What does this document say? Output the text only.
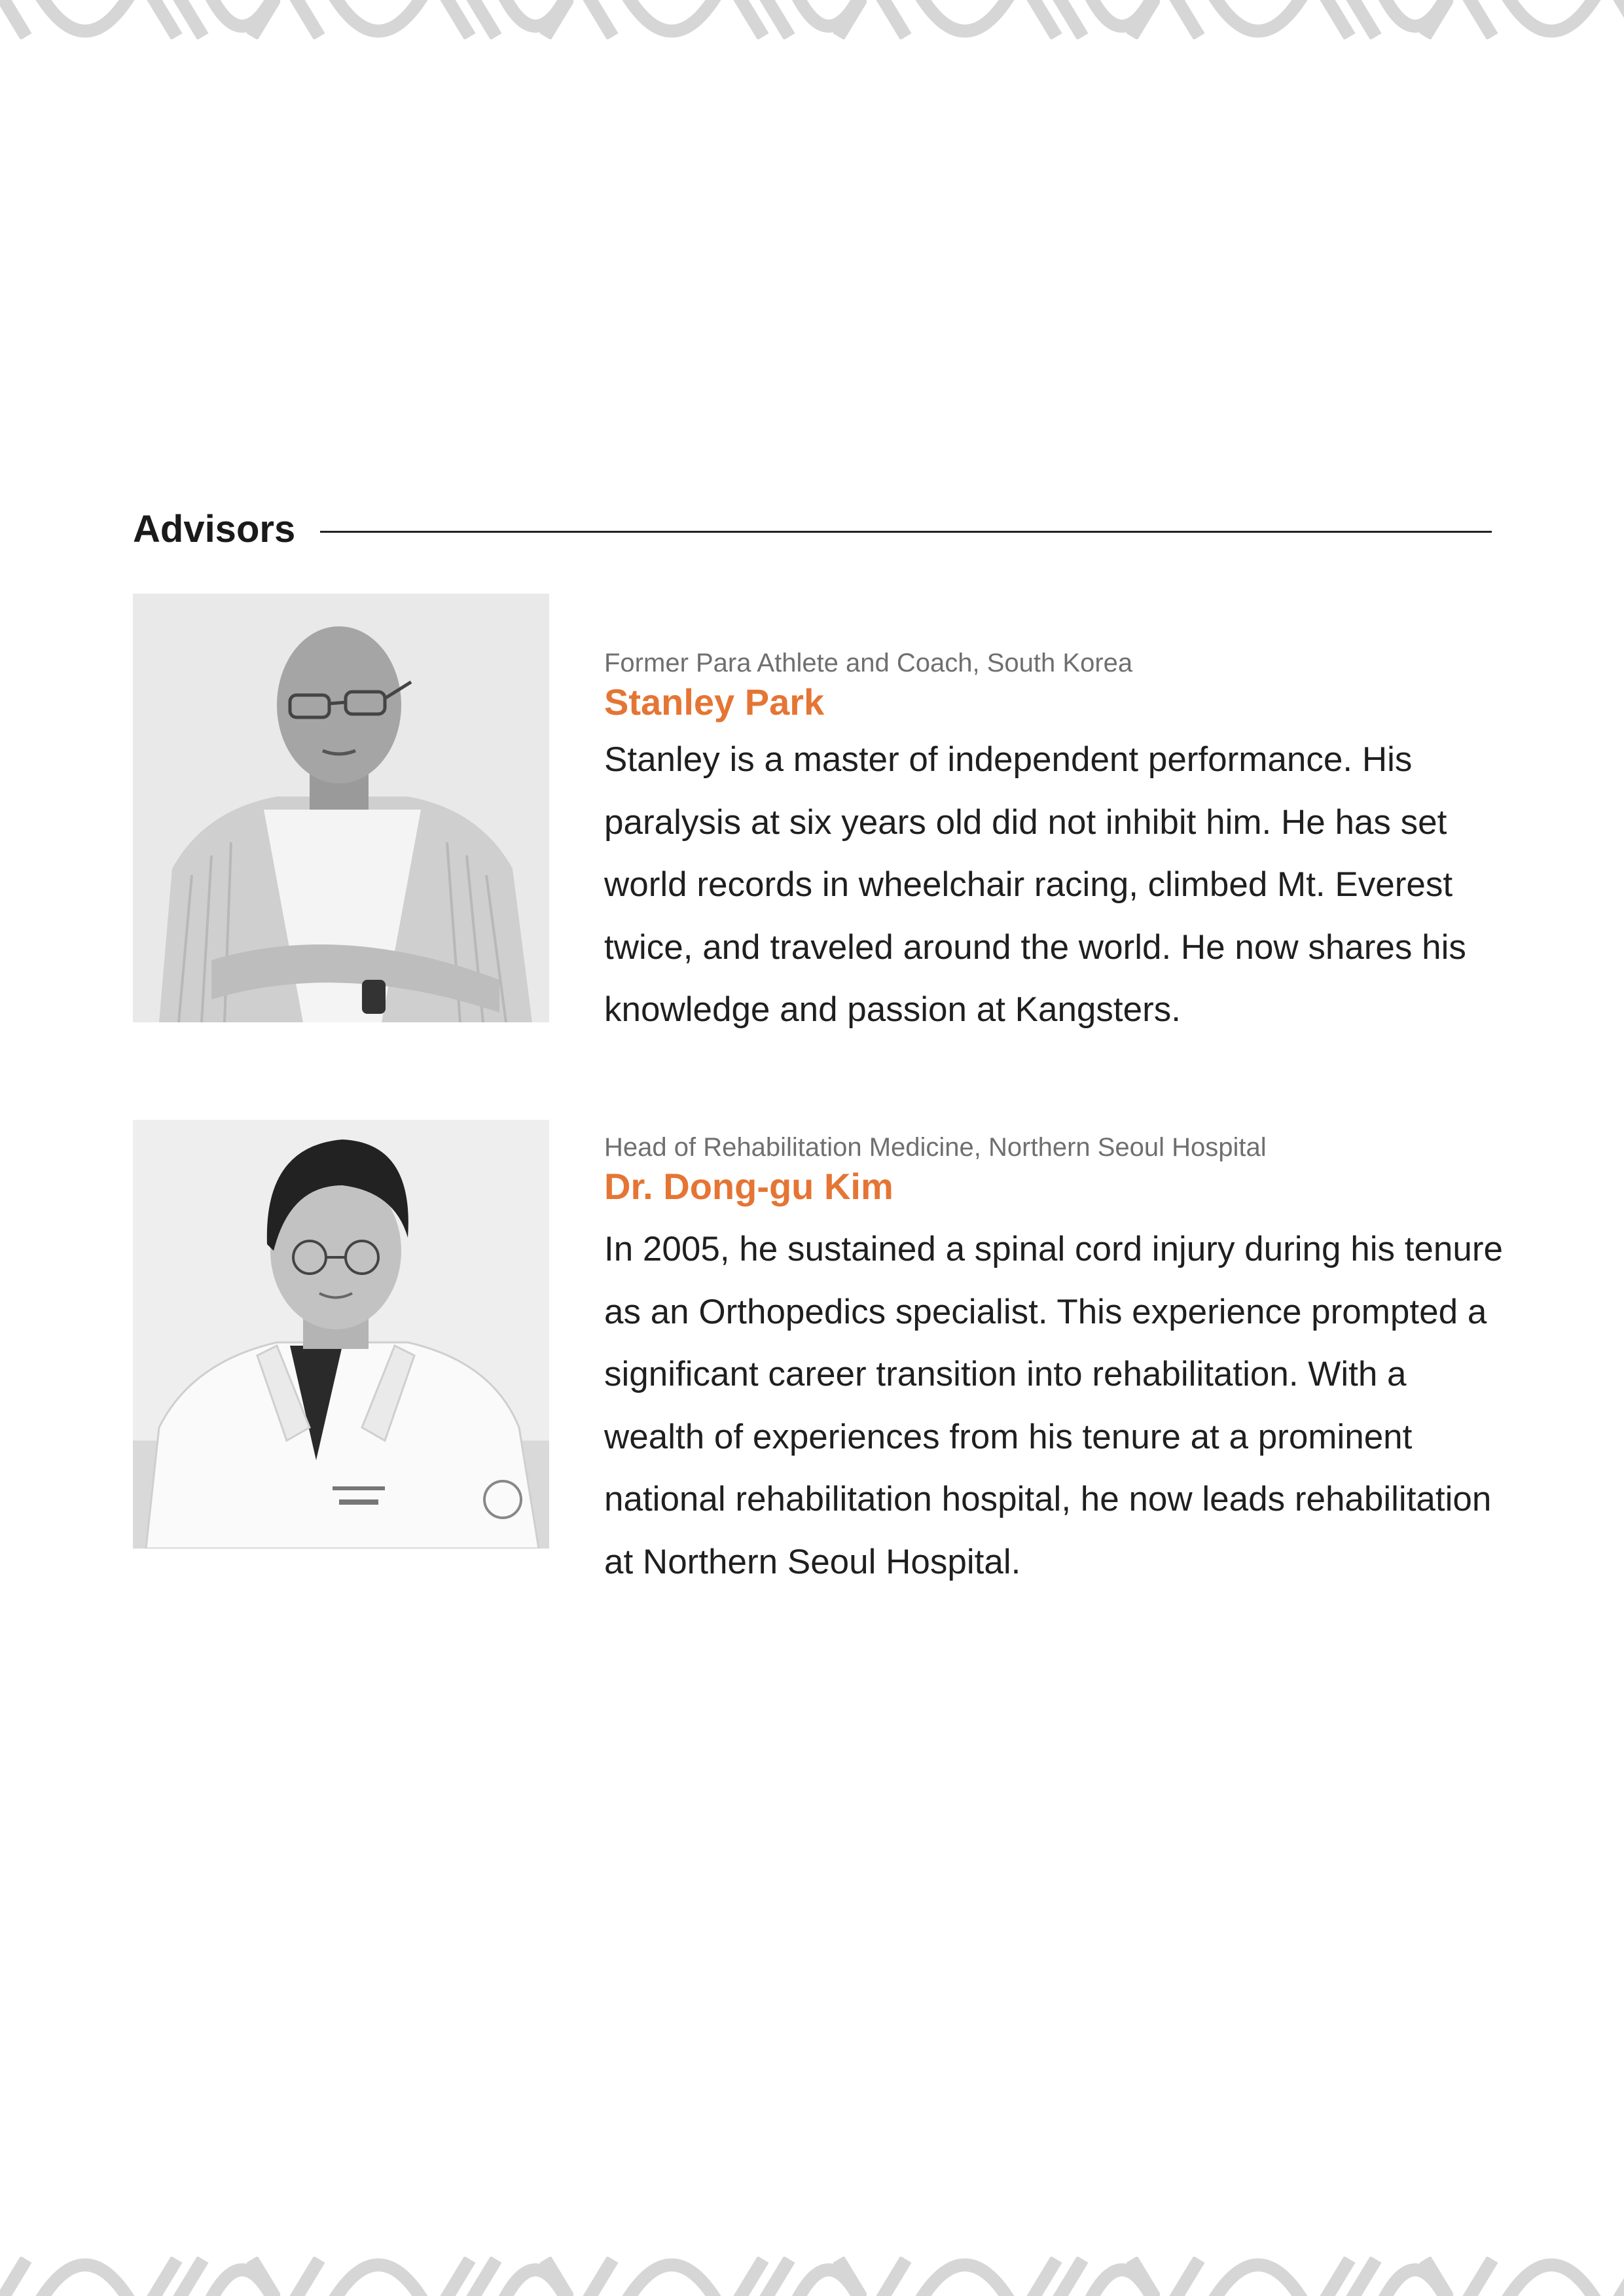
Advisors
Former Para Athlete and Coach, South Korea
Stanley Park
Stanley is a master of independent performance. His paralysis at six years old did not inhibit him. He has set world records in wheelchair racing, climbed Mt. Everest twice, and traveled around the world. He now shares his knowledge and passion at Kangsters.
Head of Rehabilitation Medicine, Northern Seoul Hospital
Dr. Dong-gu Kim
In 2005, he sustained a spinal cord injury during his tenure as an Orthopedics specialist. This experience prompted a significant career transition into rehabilitation. With a wealth of experiences from his tenure at a prominent national rehabilitation hospital, he now leads rehabilitation at Northern Seoul Hospital.
